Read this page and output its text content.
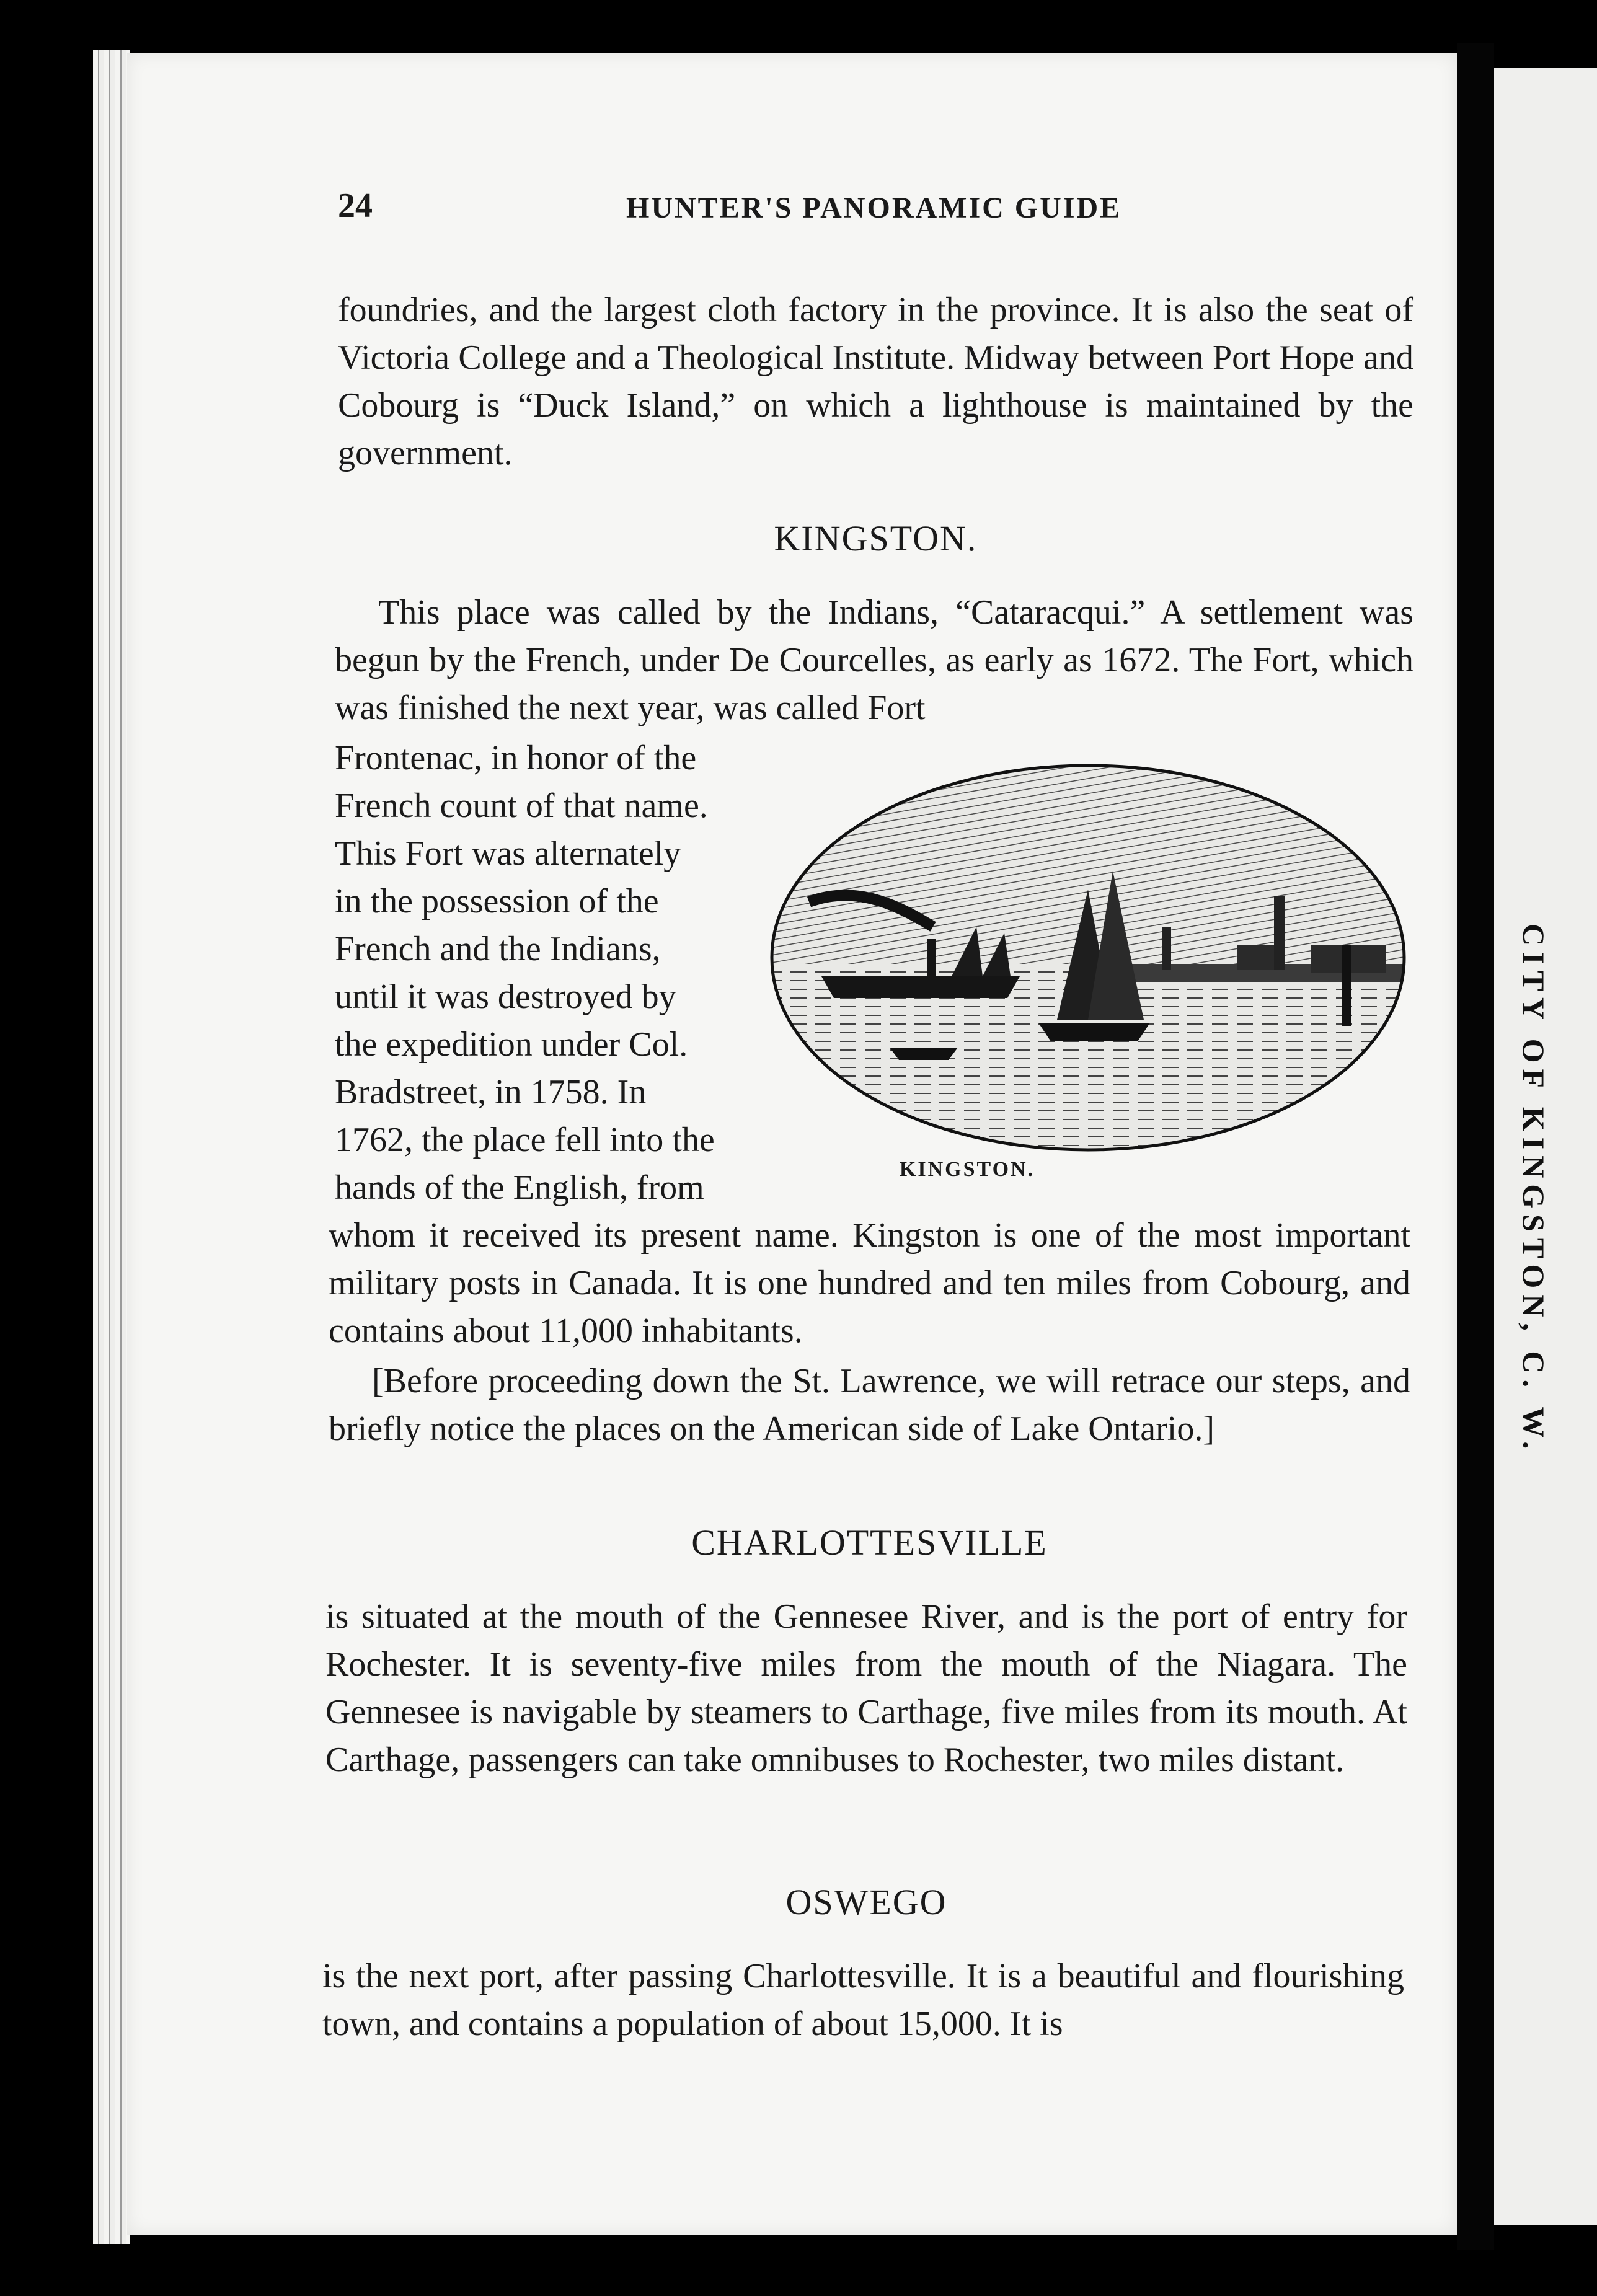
CITY OF KINGSTON, C. W.
24	HUNTER'S PANORAMIC GUIDE

foundries, and the largest cloth factory in the province. It is also the seat of Victoria College and a Theological Institute. Midway between Port Hope and Cobourg is “Duck Island,” on which a lighthouse is maintained by the government.

KINGSTON.

This place was called by the Indians, “Cataracqui.” A settlement was begun by the French, under De Courcelles, as early as 1672. The Fort, which was finished the next year, was called Fort

Frontenac, in honor of the
French count of that name.
This Fort was alternately
in the possession of the
French and the Indians,
until it was destroyed by
the expedition under Col.
Bradstreet, in 1758. In
1762, the place fell into the
hands of the English, from	KINGSTON.

whom it received its present name. Kingston is one of the most important military posts in Canada. It is one hundred and ten miles from Cobourg, and contains about 11,000 inhabitants.

[Before proceeding down the St. Lawrence, we will retrace our steps, and briefly notice the places on the American side of Lake Ontario.]

CHARLOTTESVILLE

is situated at the mouth of the Gennesee River, and is the port of entry for Rochester. It is seventy-five miles from the mouth of the Niagara. The Gennesee is navigable by steamers to Carthage, five miles from its mouth. At Carthage, passengers can take omnibuses to Rochester, two miles distant.

OSWEGO

is the next port, after passing Charlottesville. It is a beautiful and flourishing town, and contains a population of about 15,000. It is
